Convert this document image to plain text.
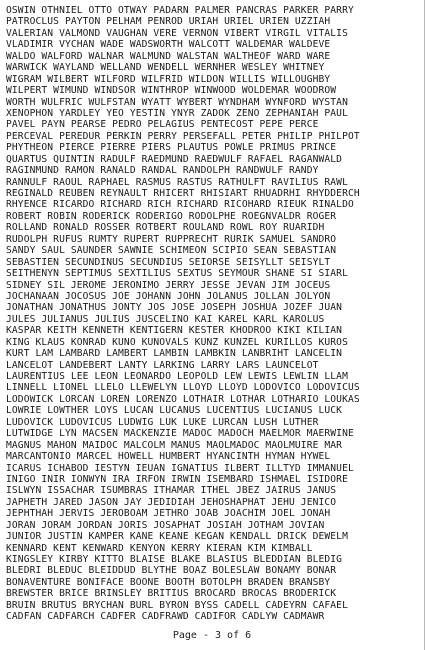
OSWIN OTHNIEL OTTO OTWAY PADARN PALMER PANCRAS PARKER PARRY
PATROCLUS PAYTON PELHAM PENROD URIAH URIEL URIEN UZZIAH
VALERIAN VALMOND VAUGHAN VERE VERNON VIBERT VIRGIL VITALIS
VLADIMIR VYCHAN WADE WADSWORTH WALCOTT WALDEMAR WALDEVE
WALDO WALFORD WALNAR WALMUND WALSTAN WALTHEOF WARD WARE
WARWICK WAYLAND WELLAND WENDELL WERNHER WESLEY WHITNEY
WIGRAM WILBERT WILFORD WILFRID WILDON WILLIS WILLOUGHBY
WILPERT WIMUND WINDSOR WINTHROP WINWOOD WOLDEMAR WOODROW
WORTH WULFRIC WULFSTAN WYATT WYBERT WYNDHAM WYNFORD WYSTAN
XENOPHON YARDLEY YEO YESTIN YNYR ZADOK ZENO ZEPHANIAH PAUL
PAVEL PAYN PEARSE PEDRO PELAGIUS PENTECOST PEPE PERCE
PERCEVAL PEREDUR PERKIN PERRY PERSEFALL PETER PHILIP PHILPOT
PHYTHEON PIERCE PIERRE PIERS PLAUTUS POWLE PRIMUS PRINCE
QUARTUS QUINTIN RADULF RAEDMUND RAEDWULF RAFAEL RAGANWALD
RAGINMUND RAMON RANALD RANDAL RANDOLPH RANDWULF RANDY
RANNULF RAOUL RAPHAEL RASMUS RASTUS RATHULFT RAVILIUS RAWL
REGINALD REUBEN REYNAULT RHICERT RHISIART RHUADRHI RHYDDERCH
RHYENCE RICARDO RICHARD RICH RICHARD RICOHARD RIEUK RINALDO
ROBERT ROBIN RODERICK RODERIGO RODOLPHE ROEGNVALDR ROGER
ROLLAND RONALD ROSSER ROTBERT ROULAND ROWL ROY RUARIDH
RUDOLPH RUFUS RUMTY RUPERT RUPPRECHT RURIK SAMUEL SANDRO
SANDY SAUL SAUNDER SAWNIE SCHIMEON SCIPIO SEAN SEBASTIAN
SEBASTIEN SECUNDINUS SECUNDIUS SEIORSE SEISYLLT SEISYLT
SEITHENYN SEPTIMUS SEXTILIUS SEXTUS SEYMOUR SHANE SI SIARL
SIDNEY SIL JEROME JERONIMO JERRY JESSE JEVAN JIM JOCEUS
JOCHANAAN JOCOSUS JOE JOHANN JOHN JOLANUS JOLLAN JOLYON
JONATHAN JONATHUS JONTY JOS JOSE JOSEPH JOSHUA JOZEF JUAN
JULES JULIANUS JULIUS JUSCELINO KAI KAREL KARL KAROLUS
KASPAR KEITH KENNETH KENTIGERN KESTER KHODROO KIKI KILIAN
KING KLAUS KONRAD KUNO KUNOVALS KUNZ KUNZEL KURILLOS KUROS
KURT LAM LAMBARD LAMBERT LAMBIN LAMBKIN LANBRIHT LANCELIN
LANCELOT LANDEBERT LANTY LARKING LARRY LARS LAUNCELOT
LAURENTIUS LEE LEON LEONARDO LEOPOLD LEW LEWIS LEWLIN LLAM
LINNELL LIONEL LLELO LLEWELYN LLOYD LLOYD LODOVICO LODOVICUS
LODOWICK LORCAN LOREN LORENZO LOTHAIR LOTHAR LOTHARIO LOUKAS
LOWRIE LOWTHER LOYS LUCAN LUCANUS LUCENTIUS LUCIANUS LUCK
LUDOVICK LUDOVICUS LUDWIG LUK LUKE LURCAN LUSH LUTHER
LUTWIDGE LYN MACSEN MACKENZIE MADOC MADOCH MAELMOR MAERWINE
MAGNUS MAHON MAIDOC MALCOLM MANUS MAOLMADOC MAOLMUIRE MAR
MARCANTONIO MARCEL HOWELL HUMBERT HYANCINTH HYMAN HYWEL
ICARUS ICHABOD IESTYN IEUAN IGNATIUS ILBERT ILLTYD IMMANUEL
INIGO INIR IONWYN IRA IRFON IRWIN ISEMBARD ISHMAEL ISIDORE
ISLWYN ISSACHAR ISUMBRAS ITHAMAR ITHEL JBEZ JAIRUS JANUS
JAPHETH JARED JASON JAY JEDIDIAH JEHOSHAPHAT JEHU JENICO
JEPHTHAH JERVIS JEROBOAM JETHRO JOAB JOACHIM JOEL JONAH
JORAN JORAM JORDAN JORIS JOSAPHAT JOSIAH JOTHAM JOVIAN
JUNIOR JUSTIN KAMPER KANE KEANE KEGAN KENDALL DRICK DEWELM
KENNARD KENT KENWARD KENYON KERRY KIERAN KIM KIMBALL
KINGSLEY KIRBY KITTO BLAISE BLAKE BLASIUS BLEDDIAN BLEDIG
BLEDRI BLEDUC BLEIDDUD BLYTHE BOAZ BOLESLAW BONAMY BONAR
BONAVENTURE BONIFACE BOONE BOOTH BOTOLPH BRADEN BRANSBY
BREWSTER BRICE BRINSLEY BRITIUS BROCARD BROCAS BRODERICK
BRUIN BRUTUS BRYCHAN BURL BYRON BYSS CADELL CADEYRN CAFAEL
CADFAN CADFARCH CADFER CADFRAWD CADIFOR CADLYW CADMAWR
Page - 3 of 6
